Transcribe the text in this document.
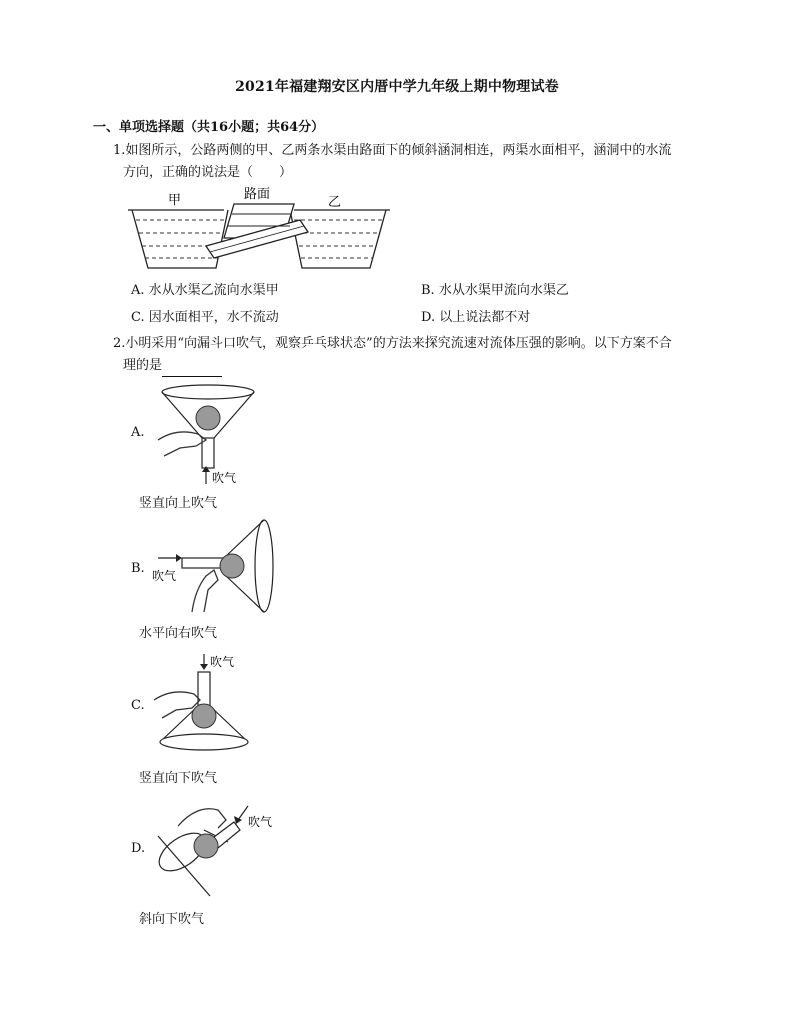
2021年福建翔安区内厝中学九年级上期中物理试卷
一、单项选择题（共16小题；共64分）
1.如图所示，公路两侧的甲、乙两条水渠由路面下的倾斜涵洞相连，两渠水面相平，涵洞中的水流
方向，正确的说法是（　　）
甲	路面
乙
A. 水从水渠乙流向水渠甲	B. 水从水渠甲流向水渠乙
C. 因水面相平，水不流动	D. 以上说法都不对
2.小明采用“向漏斗口吹气，观察乒乓球状态”的方法来探究流速对流体压强的影响。以下方案不合
理的是
A.
吹气
竖直向上吹气
B. 吹气
水平向右吹气
C.
吹气
竖直向下吹气
D.
吹气
斜向下吹气
